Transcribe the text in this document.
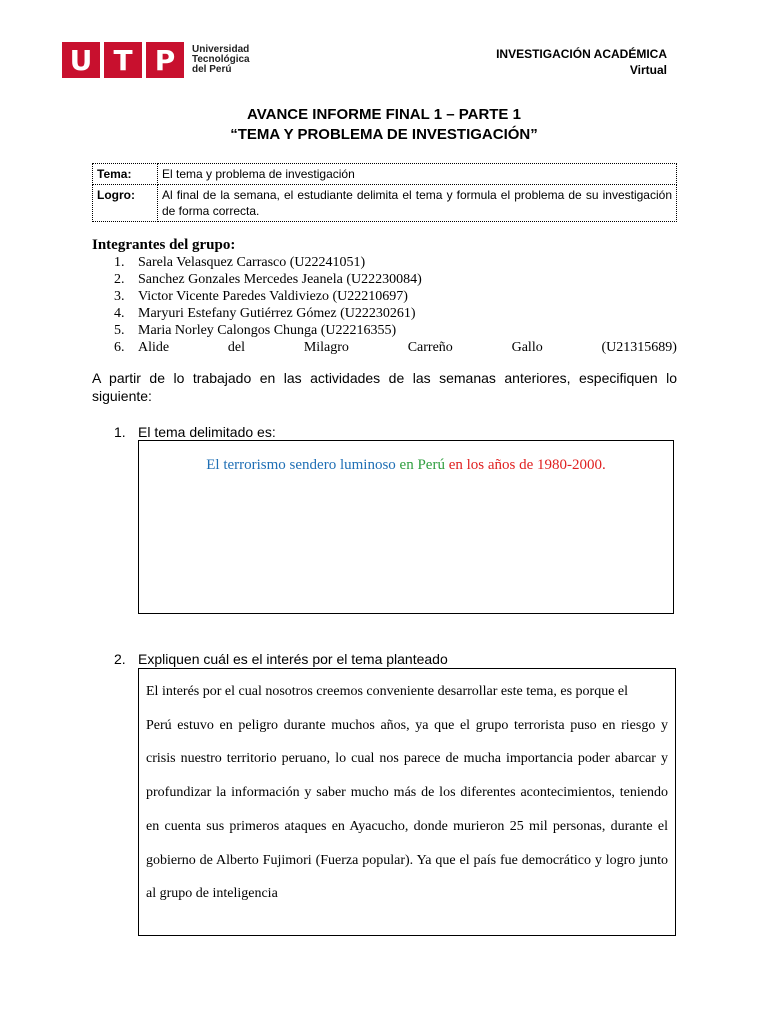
U T P	Universidad
Tecnológica
del Perú
INVESTIGACIÓN ACADÉMICA
Virtual
AVANCE INFORME FINAL 1 – PARTE 1
“TEMA Y PROBLEMA DE INVESTIGACIÓN”
Tema:	El tema y problema de investigación
Logro:	Al final de la semana, el estudiante delimita el tema y formula el problema de su investigación de forma correcta.
Integrantes del grupo:
1. Sarela Velasquez Carrasco (U22241051)
2. Sanchez Gonzales Mercedes Jeanela (U22230084)
3. Victor Vicente Paredes Valdiviezo (U22210697)
4. Maryuri Estefany Gutiérrez Gómez (U22230261)
5. Maria Norley Calongos Chunga (U22216355)
6. Alide	del	Milagro	Carreño	Gallo	(U21315689)
A partir de lo trabajado en las actividades de las semanas anteriores, especifiquen lo siguiente:
1. El tema delimitado es:
El terrorismo sendero luminoso en Perú en los años de 1980-2000.
2. Expliquen cuál es el interés por el tema planteado

El interés por el cual nosotros creemos conveniente desarrollar este tema, es porque el

Perú estuvo en peligro durante muchos años, ya que el grupo terrorista puso en riesgo y crisis nuestro territorio peruano, lo cual nos parece de mucha importancia poder abarcar y profundizar la información y saber mucho más de los diferentes acontecimientos, teniendo en cuenta sus primeros ataques en Ayacucho, donde murieron 25 mil personas, durante el gobierno de Alberto Fujimori (Fuerza popular). Ya que el país fue democrático y logro junto al grupo de inteligencia
